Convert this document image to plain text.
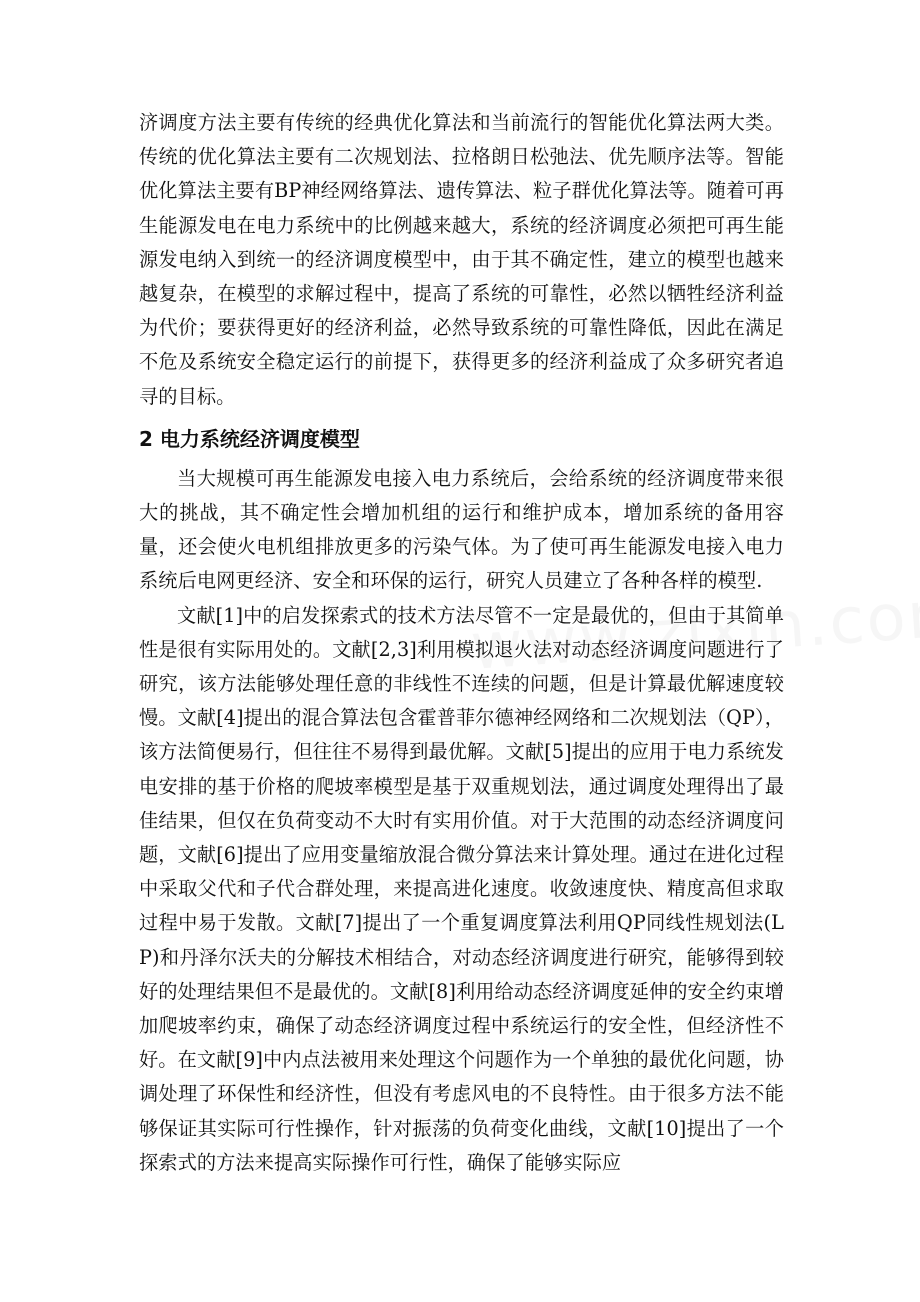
济调度方法主要有传统的经典优化算法和当前流行的智能优化算法两大类。传统的优化算法主要有二次规划法、拉格朗日松弛法、优先顺序法等。智能优化算法主要有BP神经网络算法、遗传算法、粒子群优化算法等。随着可再生能源发电在电力系统中的比例越来越大，系统的经济调度必须把可再生能源发电纳入到统一的经济调度模型中，由于其不确定性，建立的模型也越来越复杂，在模型的求解过程中，提高了系统的可靠性，必然以牺牲经济利益为代价；要获得更好的经济利益，必然导致系统的可靠性降低，因此在满足不危及系统安全稳定运行的前提下，获得更多的经济利益成了众多研究者追寻的目标。

2 电力系统经济调度模型

当大规模可再生能源发电接入电力系统后，会给系统的经济调度带来很大的挑战，其不确定性会增加机组的运行和维护成本，增加系统的备用容量，还会使火电机组排放更多的污染气体。为了使可再生能源发电接入电力系统后电网更经济、安全和环保的运行，研究人员建立了各种各样的模型.

文献[1]中的启发探索式的技术方法尽管不一定是最优的，但由于其简单性是很有实际用处的。文献[2,3]利用模拟退火法对动态经济调度问题进行了研究，该方法能够处理任意的非线性不连续的问题，但是计算最优解速度较慢。文献[4]提出的混合算法包含霍普菲尔德神经网络和二次规划法（QP），该方法简便易行，但往往不易得到最优解。文献[5]提出的应用于电力系统发电安排的基于价格的爬坡率模型是基于双重规划法，通过调度处理得出了最佳结果，但仅在负荷变动不大时有实用价值。对于大范围的动态经济调度问题，文献[6]提出了应用变量缩放混合微分算法来计算处理。通过在进化过程中采取父代和子代合群处理，来提高进化速度。收敛速度快、精度高但求取过程中易于发散。文献[7]提出了一个重复调度算法利用QP同线性规划法(LP)和丹泽尔沃夫的分解技术相结合，对动态经济调度进行研究，能够得到较好的处理结果但不是最优的。文献[8]利用给动态经济调度延伸的安全约束增加爬坡率约束，确保了动态经济调度过程中系统运行的安全性，但经济性不好。在文献[9]中内点法被用来处理这个问题作为一个单独的最优化问题，协调处理了环保性和经济性，但没有考虑风电的不良特性。由于很多方法不能够保证其实际可行性操作，针对振荡的负荷变化曲线，文献[10]提出了一个探索式的方法来提高实际操作可行性，确保了能够实际应
